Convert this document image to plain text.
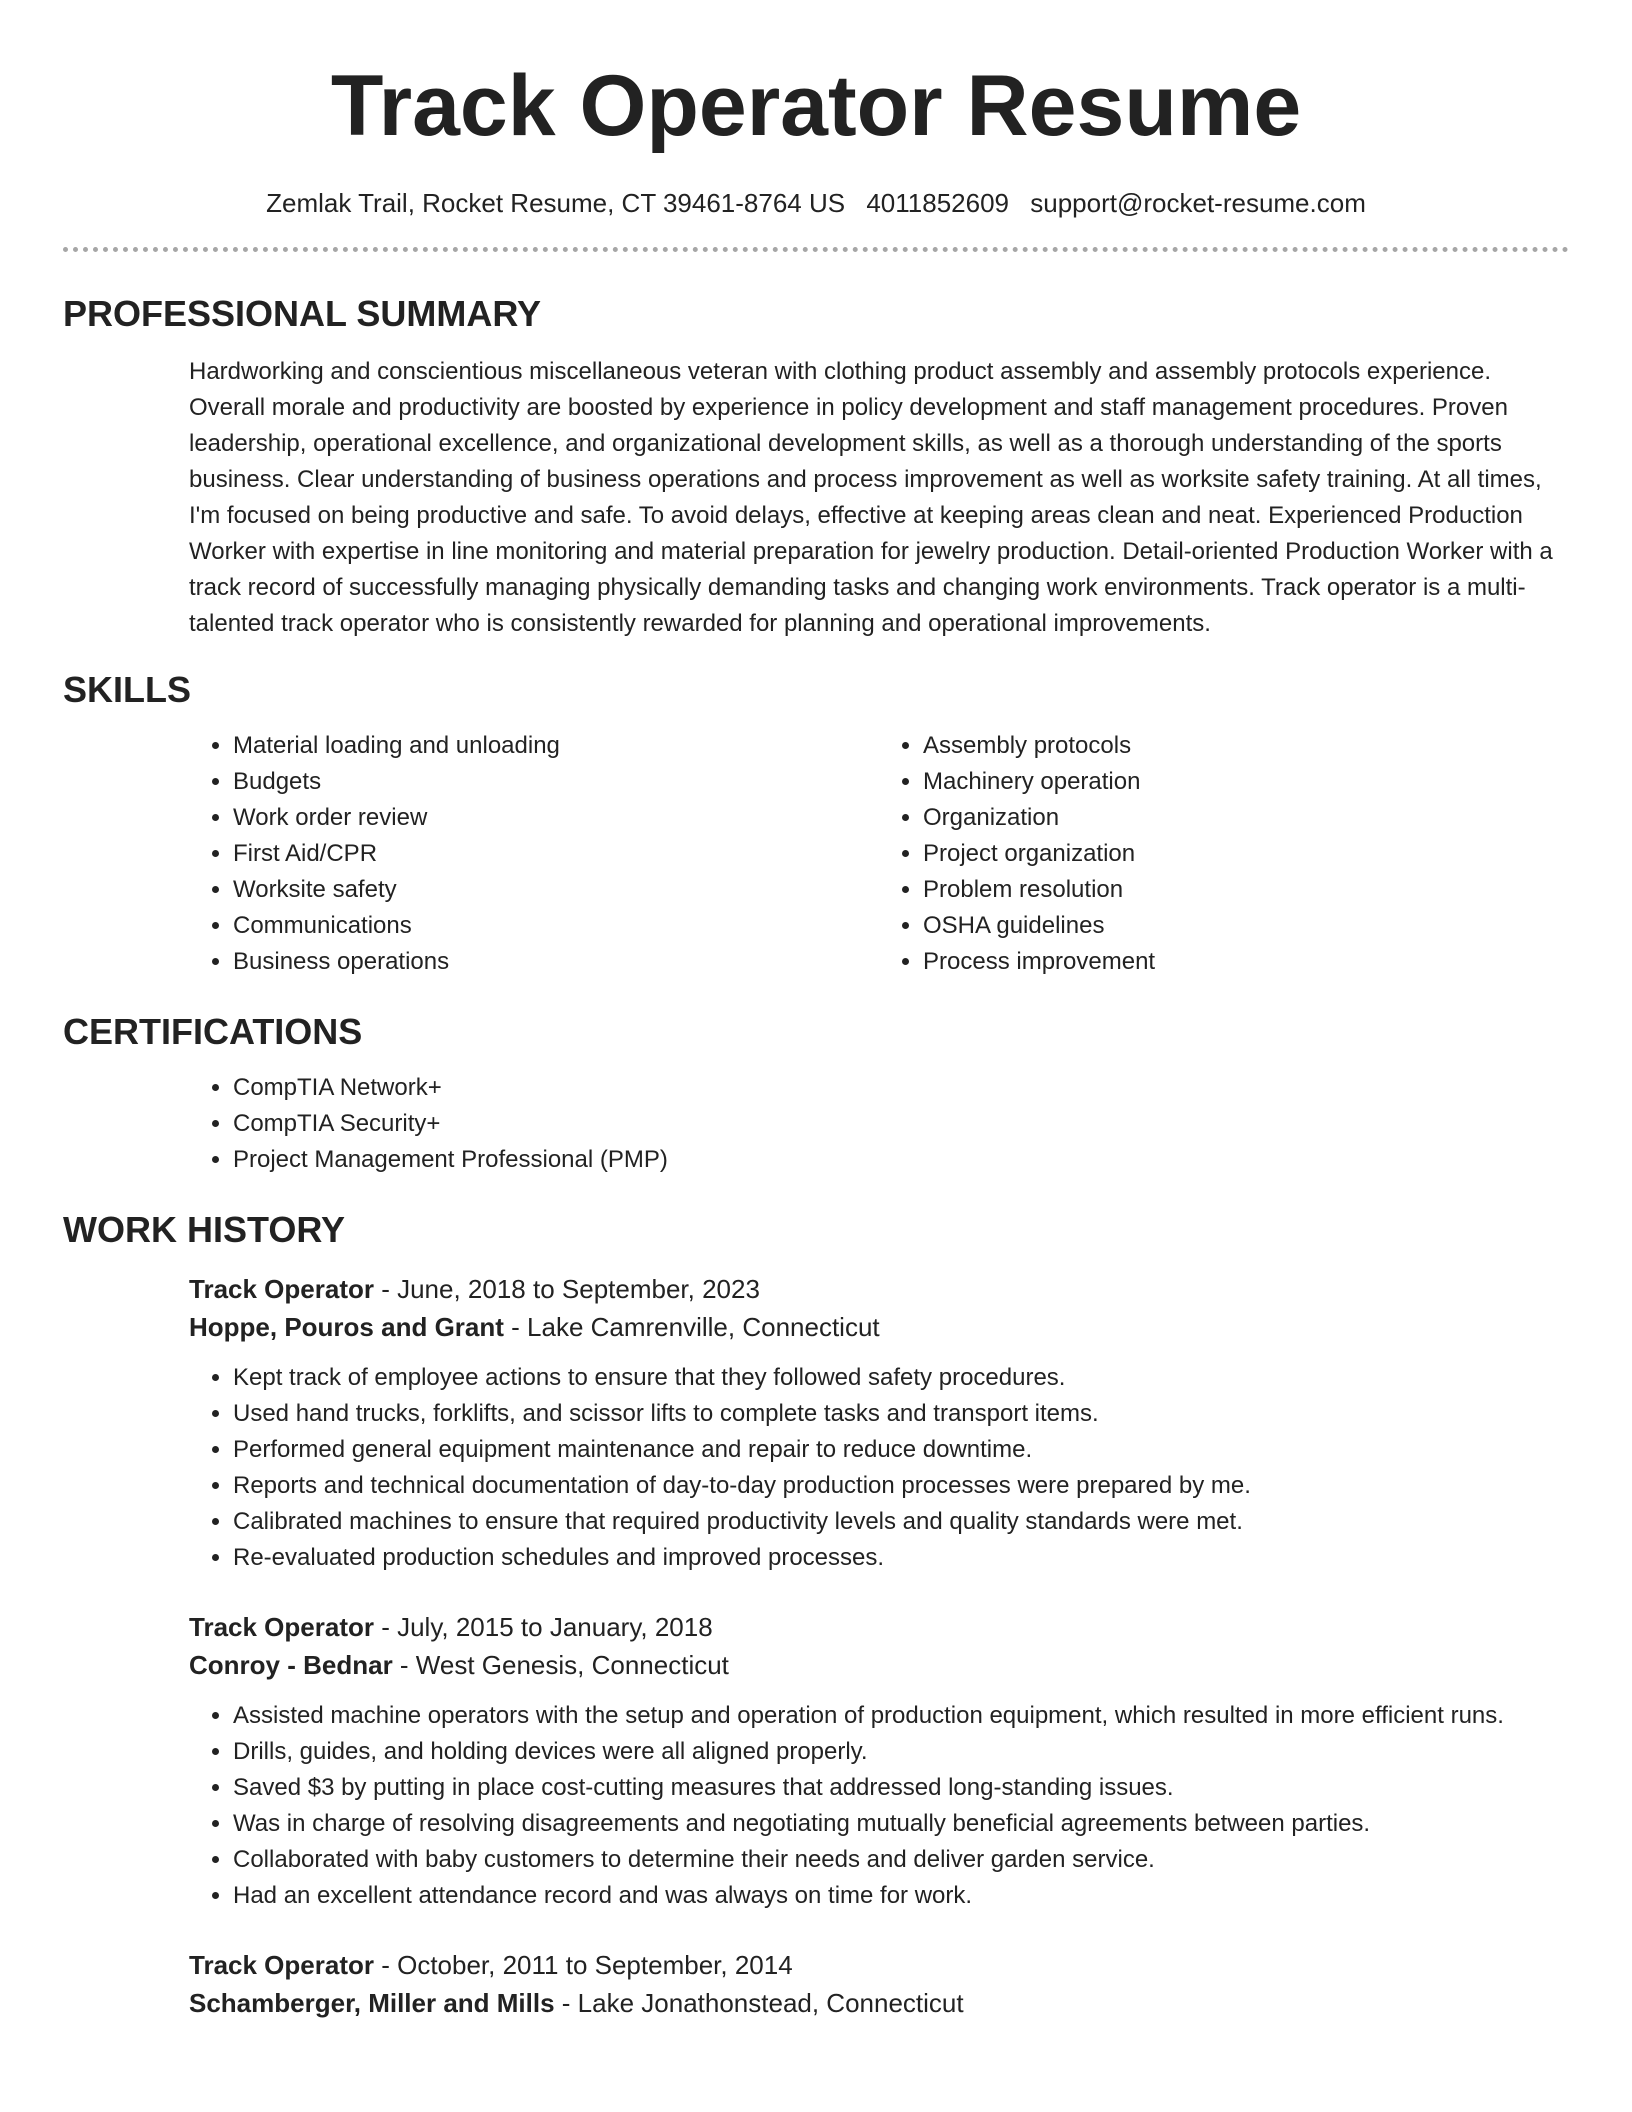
Track Operator Resume
Zemlak Trail, Rocket Resume, CT 39461-8764 US 4011852609 support@rocket-resume.com
PROFESSIONAL SUMMARY

Hardworking and conscientious miscellaneous veteran with clothing product assembly and assembly protocols experience. Overall morale and productivity are boosted by experience in policy development and staff management procedures. Proven leadership, operational excellence, and organizational development skills, as well as a thorough understanding of the sports business. Clear understanding of business operations and process improvement as well as worksite safety training. At all times, I'm focused on being productive and safe. To avoid delays, effective at keeping areas clean and neat. Experienced Production Worker with expertise in line monitoring and material preparation for jewelry production. Detail-oriented Production Worker with a track record of successfully managing physically demanding tasks and changing work environments. Track operator is a multi-talented track operator who is consistently rewarded for planning and operational improvements.

SKILLS
• Material loading and unloading
• Budgets
• Work order review
• First Aid/CPR
• Worksite safety
• Communications
• Business operations
• Assembly protocols
• Machinery operation
• Organization
• Project organization
• Problem resolution
• OSHA guidelines
• Process improvement
CERTIFICATIONS
• CompTIA Network+
• CompTIA Security+
• Project Management Professional (PMP)
WORK HISTORY
Track Operator - June, 2018 to September, 2023
Hoppe, Pouros and Grant - Lake Camrenville, Connecticut
• Kept track of employee actions to ensure that they followed safety procedures.
• Used hand trucks, forklifts, and scissor lifts to complete tasks and transport items.
• Performed general equipment maintenance and repair to reduce downtime.
• Reports and technical documentation of day-to-day production processes were prepared by me.
• Calibrated machines to ensure that required productivity levels and quality standards were met.
• Re-evaluated production schedules and improved processes.
Track Operator - July, 2015 to January, 2018
Conroy - Bednar - West Genesis, Connecticut
• Assisted machine operators with the setup and operation of production equipment, which resulted in more efficient runs.
• Drills, guides, and holding devices were all aligned properly.
• Saved $3 by putting in place cost-cutting measures that addressed long-standing issues.
• Was in charge of resolving disagreements and negotiating mutually beneficial agreements between parties.
• Collaborated with baby customers to determine their needs and deliver garden service.
• Had an excellent attendance record and was always on time for work.
Track Operator - October, 2011 to September, 2014
Schamberger, Miller and Mills - Lake Jonathonstead, Connecticut
